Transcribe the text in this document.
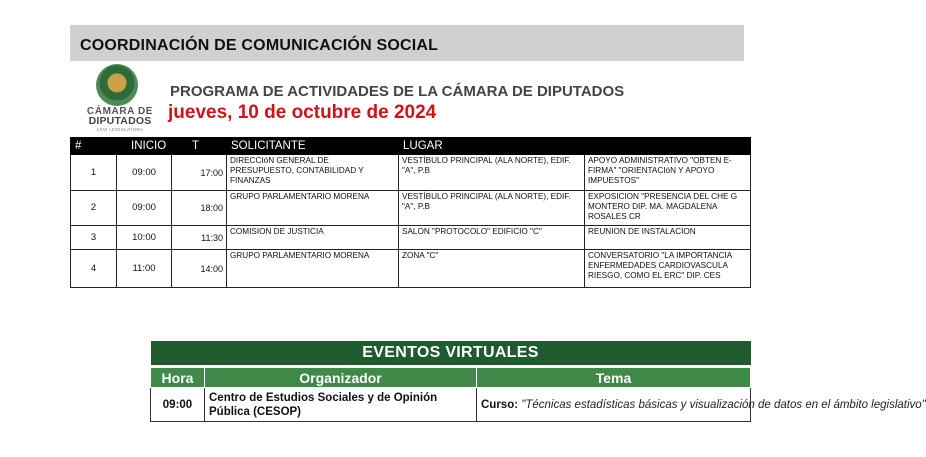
COORDINACIÓN DE COMUNICACIÓN SOCIAL
CÁMARA DE
DIPUTADOS
LXVI LEGISLATURA
PROGRAMA DE ACTIVIDADES DE LA CÁMARA DE DIPUTADOS
jueves, 10 de octubre de 2024
#	INICIO	T	SOLICITANTE	LUGAR	
1	09:00	17:00	DIRECCIóN GENERAL DE PRESUPUESTO, CONTABILIDAD Y FINANZAS	VESTÍBULO PRINCIPAL (ALA NORTE), EDIF. "A", P.B	APOYO ADMINISTRATIVO "OBTEN E-FIRMA" "ORIENTACIóN Y APOYO IMPUESTOS"
2	09:00	18:00	GRUPO PARLAMENTARIO MORENA	VESTÍBULO PRINCIPAL (ALA NORTE), EDIF. "A", P.B	EXPOSICION "PRESENCIA DEL CHE G MONTERO DIP. MA. MAGDALENA ROSALES CR
3	10:00	11:30	COMISION DE JUSTICIA	SALON "PROTOCOLO" EDIFICIO "C"	REUNION DE INSTALACION
4	11:00	14:00	GRUPO PARLAMENTARIO MORENA	ZONA "C"	CONVERSATORIO "LA IMPORTANCIA ENFERMEDADES CARDIOVASCULA RIESGO, COMO EL ERC" DIP. CES
EVENTOS VIRTUALES		
Hora	Organizador	Tema
09:00	Centro de Estudios Sociales y de Opinión Pública (CESOP)	Curso: "Técnicas estadísticas básicas y visualización de datos en el ámbito legislativo"
